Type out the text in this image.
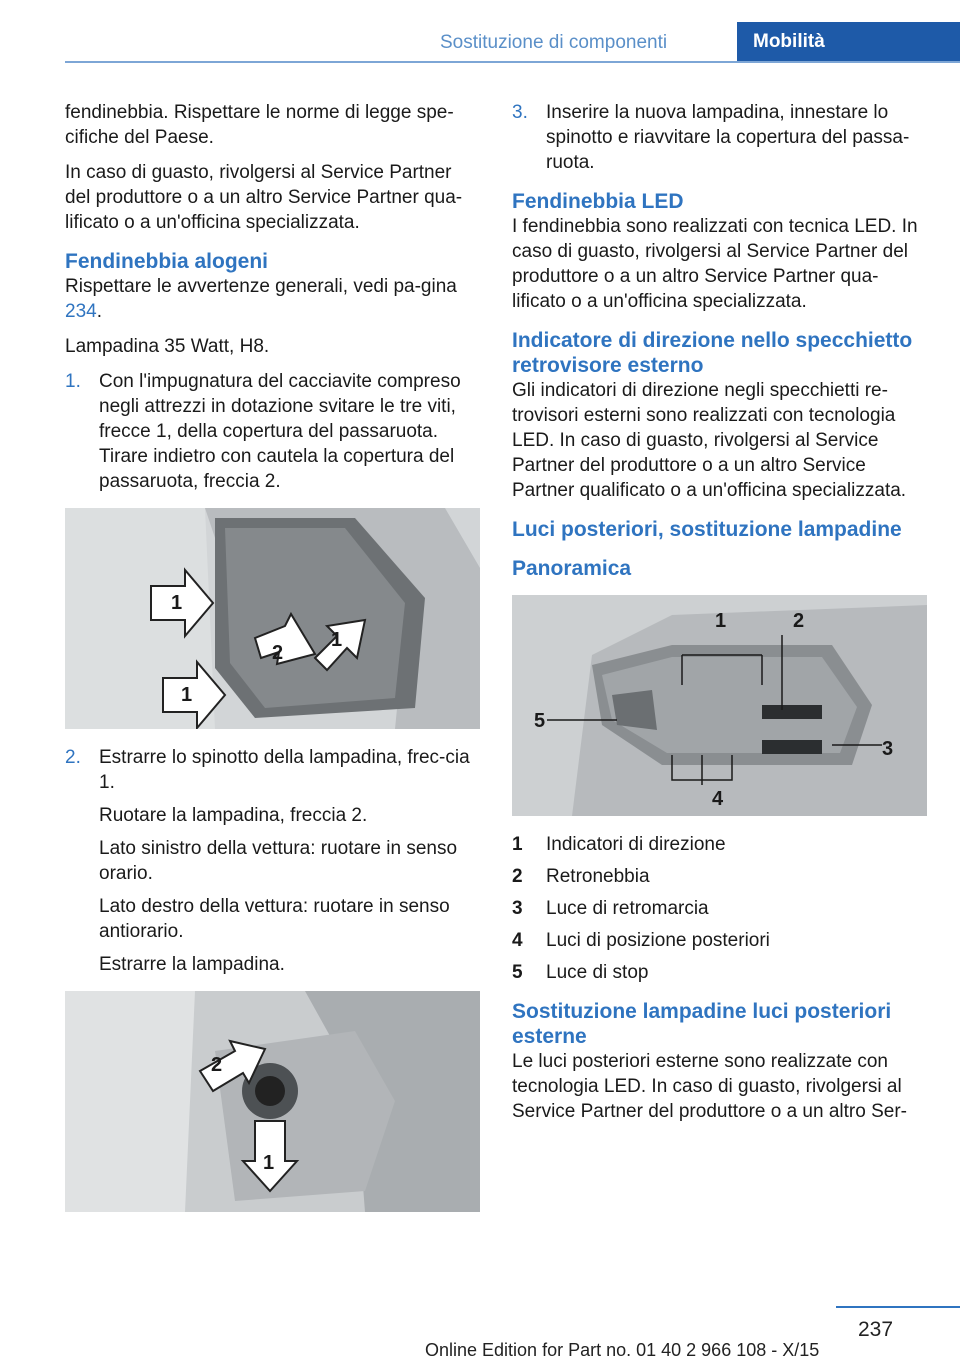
Sostituzione di componenti	Mobilità

fendinebbia. Rispettare le norme di legge spe‐cifiche del Paese.

In caso di guasto, rivolgersi al Service Partner del produttore o a un altro Service Partner qua‐lificato o a un'officina specializzata.

Fendinebbia alogeni

Rispettare le avvertenze generali, vedi pa‐gina 234.

Lampadina 35 Watt, H8.

1. Con l'impugnatura del cacciavite compreso negli attrezzi in dotazione svitare le tre viti, frecce 1, della copertura del passaruota. Tirare indietro con cautela la copertura del passaruota, freccia 2.

1
2
1
1
2. Estrarre lo spinotto della lampadina, frec‐cia 1.

Ruotare la lampadina, freccia 2.

Lato sinistro della vettura: ruotare in senso orario.

Lato destro della vettura: ruotare in senso antiorario.

Estrarre la lampadina.

2
1
3. Inserire la nuova lampadina, innestare lo spinotto e riavvitare la copertura del passa‐ruota.

Fendinebbia LED

I fendinebbia sono realizzati con tecnica LED. In caso di guasto, rivolgersi al Service Partner del produttore o a un altro Service Partner qua‐lificato o a un'officina specializzata.

Indicatore di direzione nello specchietto retrovisore esterno

Gli indicatori di direzione negli specchietti re‐trovisori esterni sono realizzati con tecnologia LED. In caso di guasto, rivolgersi al Service Partner del produttore o a un altro Service Partner qualificato o a un'officina specializzata.

Luci posteriori, sostituzione lampadine
Panoramica
1	2
3
4
5
1	Indicatori di direzione
2	Retronebbia
3	Luce di retromarcia
4	Luci di posizione posteriori
5	Luce di stop
Sostituzione lampadine luci posteriori esterne

Le luci posteriori esterne sono realizzate con tecnologia LED. In caso di guasto, rivolgersi al Service Partner del produttore o a un altro Ser‐

237
Online Edition for Part no. 01 40 2 966 108 - X/15
